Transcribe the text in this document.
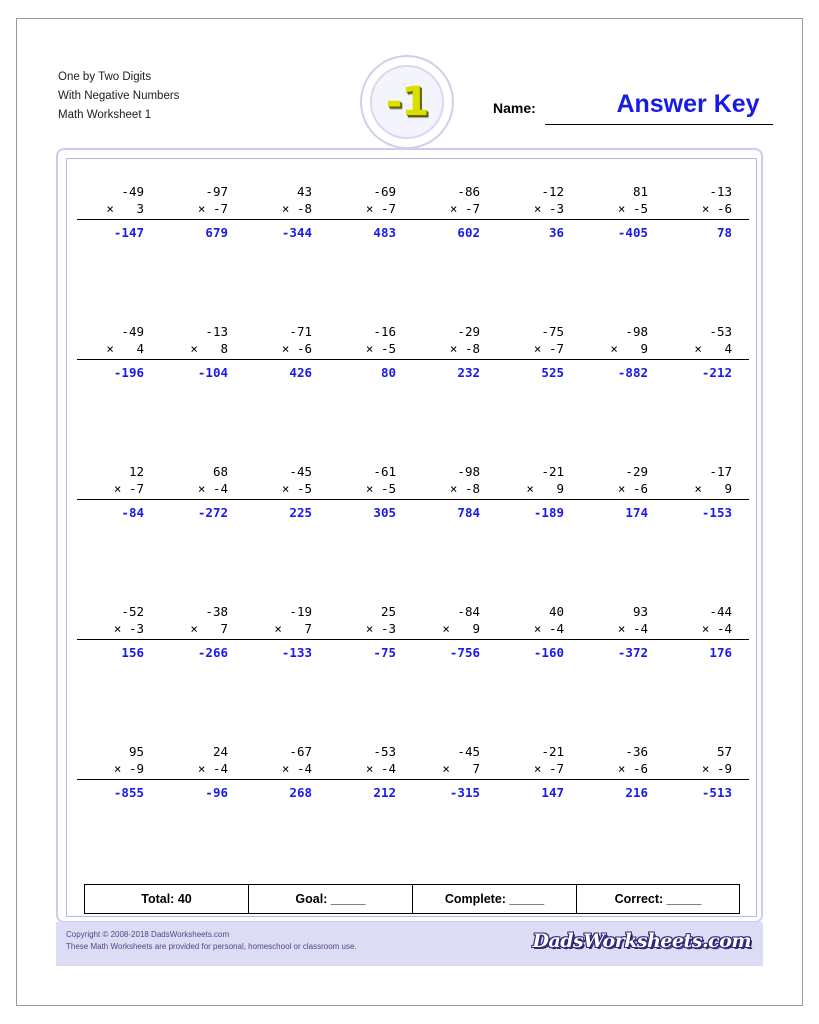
One by Two Digits
With Negative Numbers
Math Worksheet 1	-1	Name:	Answer Key
-49
×   3
-147
-97
× -7
679
43
× -8
-344
-69
× -7
483
-86
× -7
602
-12
× -3
36
81
× -5
-405
-13
× -6
78
-49
×   4
-196
-13
×   8
-104
-71
× -6
426
-16
× -5
80
-29
× -8
232
-75
× -7
525
-98
×   9
-882
-53
×   4
-212
12
× -7
-84
68
× -4
-272
-45
× -5
225
-61
× -5
305
-98
× -8
784
-21
×   9
-189
-29
× -6
174
-17
×   9
-153
-52
× -3
156
-38
×   7
-266
-19
×   7
-133
25
× -3
-75
-84
×   9
-756
40
× -4
-160
93
× -4
-372
-44
× -4
176
95
× -9
-855
24
× -4
-96
-67
× -4
268
-53
× -4
212
-45
×   7
-315
-21
× -7
147
-36
× -6
216
57
× -9
-513
Total: 40	Goal: _____	Complete: _____	Correct: _____
Copyright © 2008-2018 DadsWorksheets.com
These Math Worksheets are provided for personal, homeschool or classroom use.	DadsWorksheets.com
